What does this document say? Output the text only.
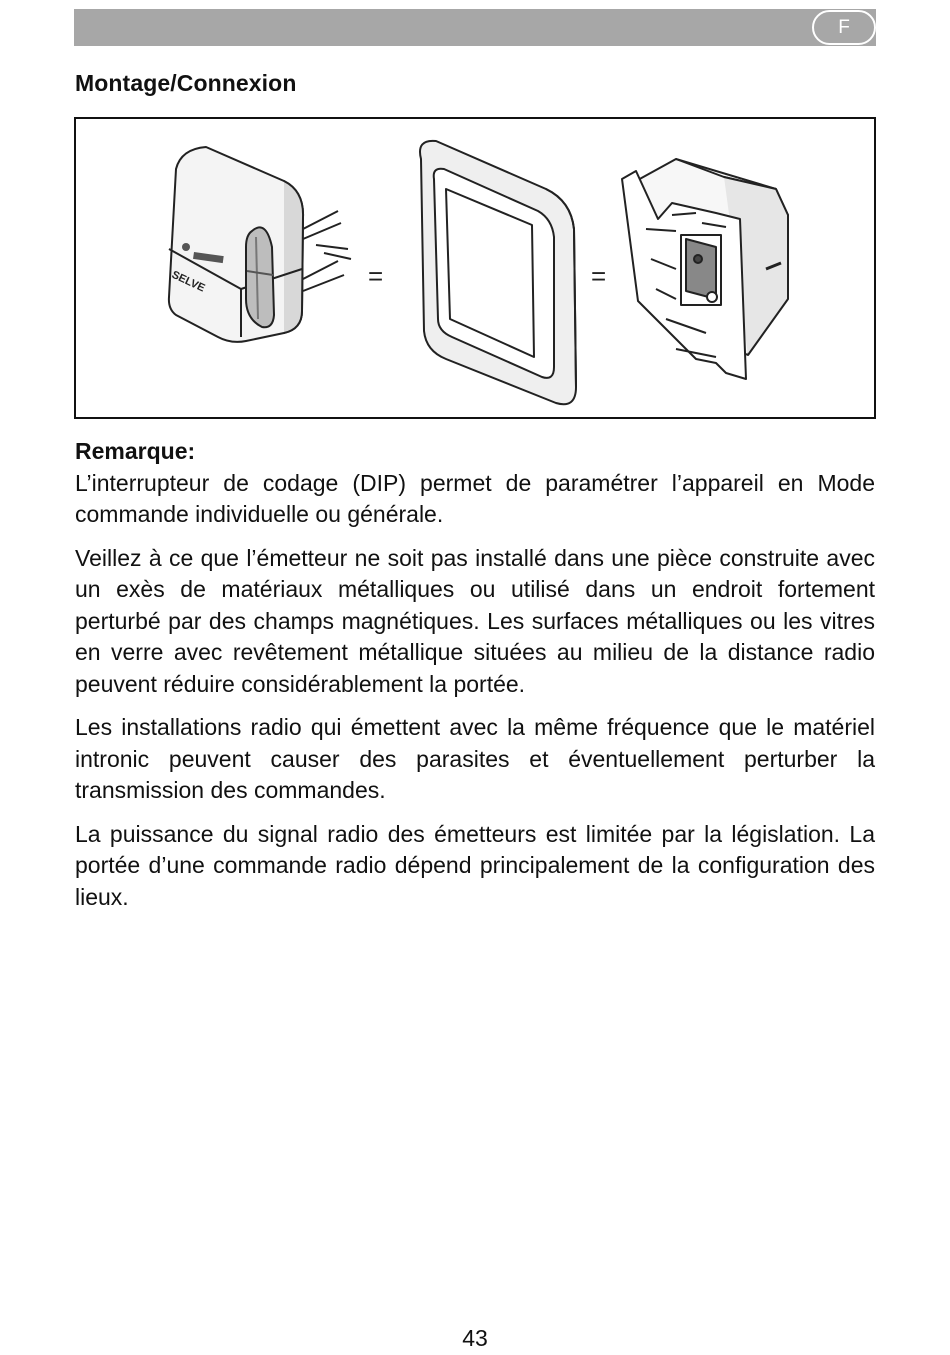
F
Montage/Connexion
SELVE	=	=

Remarque:

L’interrupteur de codage (DIP) permet de paramétrer l’appareil en Mode commande individuelle ou générale.

Veillez à ce que l’émetteur ne soit pas installé dans une pièce construite avec un exès de matériaux métalliques ou utilisé dans un endroit fortement perturbé par des champs magnétiques. Les surfaces métalliques ou les vitres en verre avec revêtement métallique situées au milieu de la distance radio peuvent réduire considérablement la portée.

Les installations radio qui émettent avec la même fréquence que le matériel intronic peuvent causer des parasites et éventuellement perturber la transmission des commandes.

La puissance du signal radio des émetteurs est limitée par la législation. La portée d’une commande radio dépend principalement de la configuration des lieux.

43
